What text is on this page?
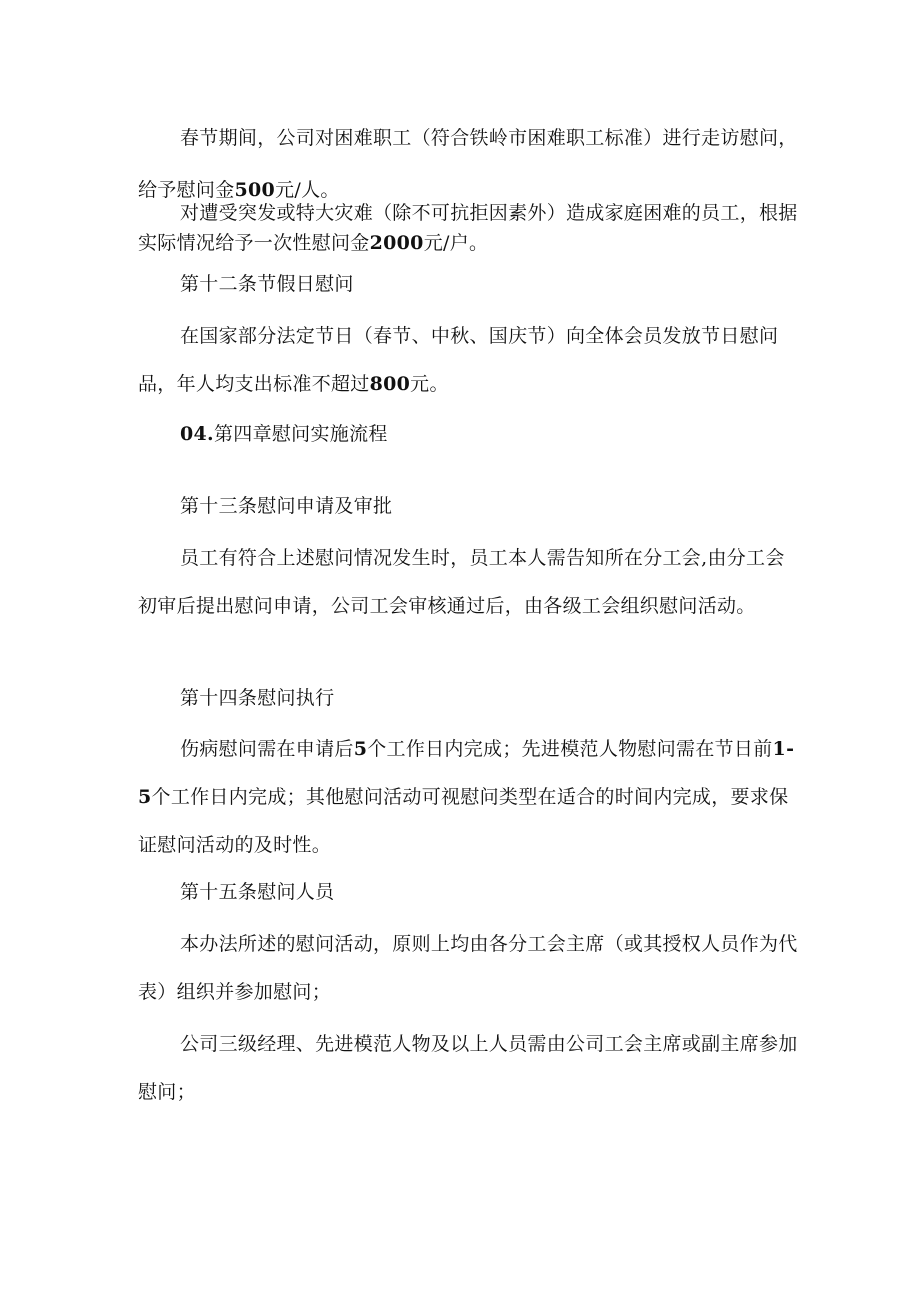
春节期间，公司对困难职工（符合铁岭市困难职工标准）进行走访慰问，给予慰问金500元/人。

对遭受突发或特大灾难（除不可抗拒因素外）造成家庭困难的员工，根据实际情况给予一次性慰问金2000元/户。

第十二条节假日慰问

在国家部分法定节日（春节、中秋、国庆节）向全体会员发放节日慰问品，年人均支出标准不超过800元。

04.第四章慰问实施流程

第十三条慰问申请及审批

员工有符合上述慰问情况发生时，员工本人需告知所在分工会,由分工会初审后提出慰问申请，公司工会审核通过后，由各级工会组织慰问活动。

第十四条慰问执行

伤病慰问需在申请后5个工作日内完成；先进模范人物慰问需在节日前1-5个工作日内完成；其他慰问活动可视慰问类型在适合的时间内完成，要求保证慰问活动的及时性。

第十五条慰问人员

本办法所述的慰问活动，原则上均由各分工会主席（或其授权人员作为代表）组织并参加慰问；

公司三级经理、先进模范人物及以上人员需由公司工会主席或副主席参加慰问；
